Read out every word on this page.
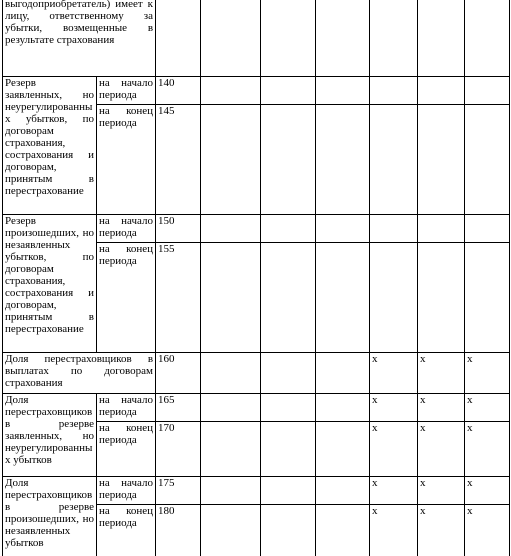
выгодоприобретатель) имеет к лицу, ответственному за убытки, возмещенные в результате страхования								
Резерв заявленных, но неурегулированных убытков, по договорам страхования, сострахования и договорам, принятым в перестрахование	на начало периода	140						
	на конец периода	145						
Резерв произошедших, но незаявленных убытков, по договорам страхования, сострахования и договорам, принятым в перестрахование	на начало периода	150						
	на конец периода	155						
Доля перестраховщиков в выплатах по договорам страхования		160				х	х	х
Доля перестраховщиков в резерве заявленных, но неурегулированных убытков	на начало периода	165				х	х	х
	на конец периода	170				х	х	х
Доля перестраховщиков в резерве произошедших, но незаявленных убытков	на начало периода	175				х	х	х
	на конец периода	180				х	х	х
